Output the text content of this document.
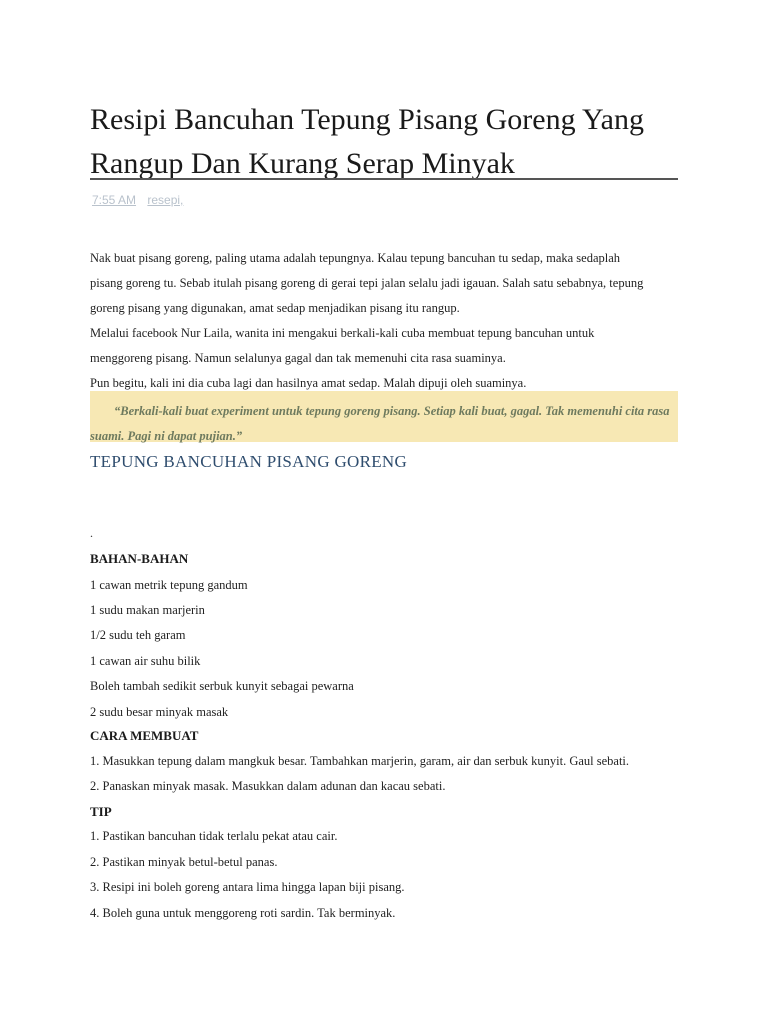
Resipi Bancuhan Tepung Pisang Goreng Yang Rangup Dan Kurang Serap Minyak
7:55 AM resepi,
Nak buat pisang goreng, paling utama adalah tepungnya. Kalau tepung bancuhan tu sedap, maka sedaplah
pisang goreng tu. Sebab itulah pisang goreng di gerai tepi jalan selalu jadi igauan. Salah satu sebabnya, tepung
goreng pisang yang digunakan, amat sedap menjadikan pisang itu rangup.
Melalui facebook Nur Laila, wanita ini mengakui berkali-kali cuba membuat tepung bancuhan untuk
menggoreng pisang. Namun selalunya gagal dan tak memenuhi cita rasa suaminya.
Pun begitu, kali ini dia cuba lagi dan hasilnya amat sedap. Malah dipuji oleh suaminya.

“Berkali-kali buat experiment untuk tepung goreng pisang. Setiap kali buat, gagal. Tak memenuhi cita rasa suami. Pagi ni dapat pujian.”

TEPUNG BANCUHAN PISANG GORENG
.
BAHAN-BAHAN
1 cawan metrik tepung gandum
1 sudu makan marjerin
1/2 sudu teh garam
1 cawan air suhu bilik
Boleh tambah sedikit serbuk kunyit sebagai pewarna
2 sudu besar minyak masak
CARA MEMBUAT
1. Masukkan tepung dalam mangkuk besar. Tambahkan marjerin, garam, air dan serbuk kunyit. Gaul sebati.
2. Panaskan minyak masak. Masukkan dalam adunan dan kacau sebati.
TIP
1. Pastikan bancuhan tidak terlalu pekat atau cair.
2. Pastikan minyak betul-betul panas.
3. Resipi ini boleh goreng antara lima hingga lapan biji pisang.
4. Boleh guna untuk menggoreng roti sardin. Tak berminyak.
